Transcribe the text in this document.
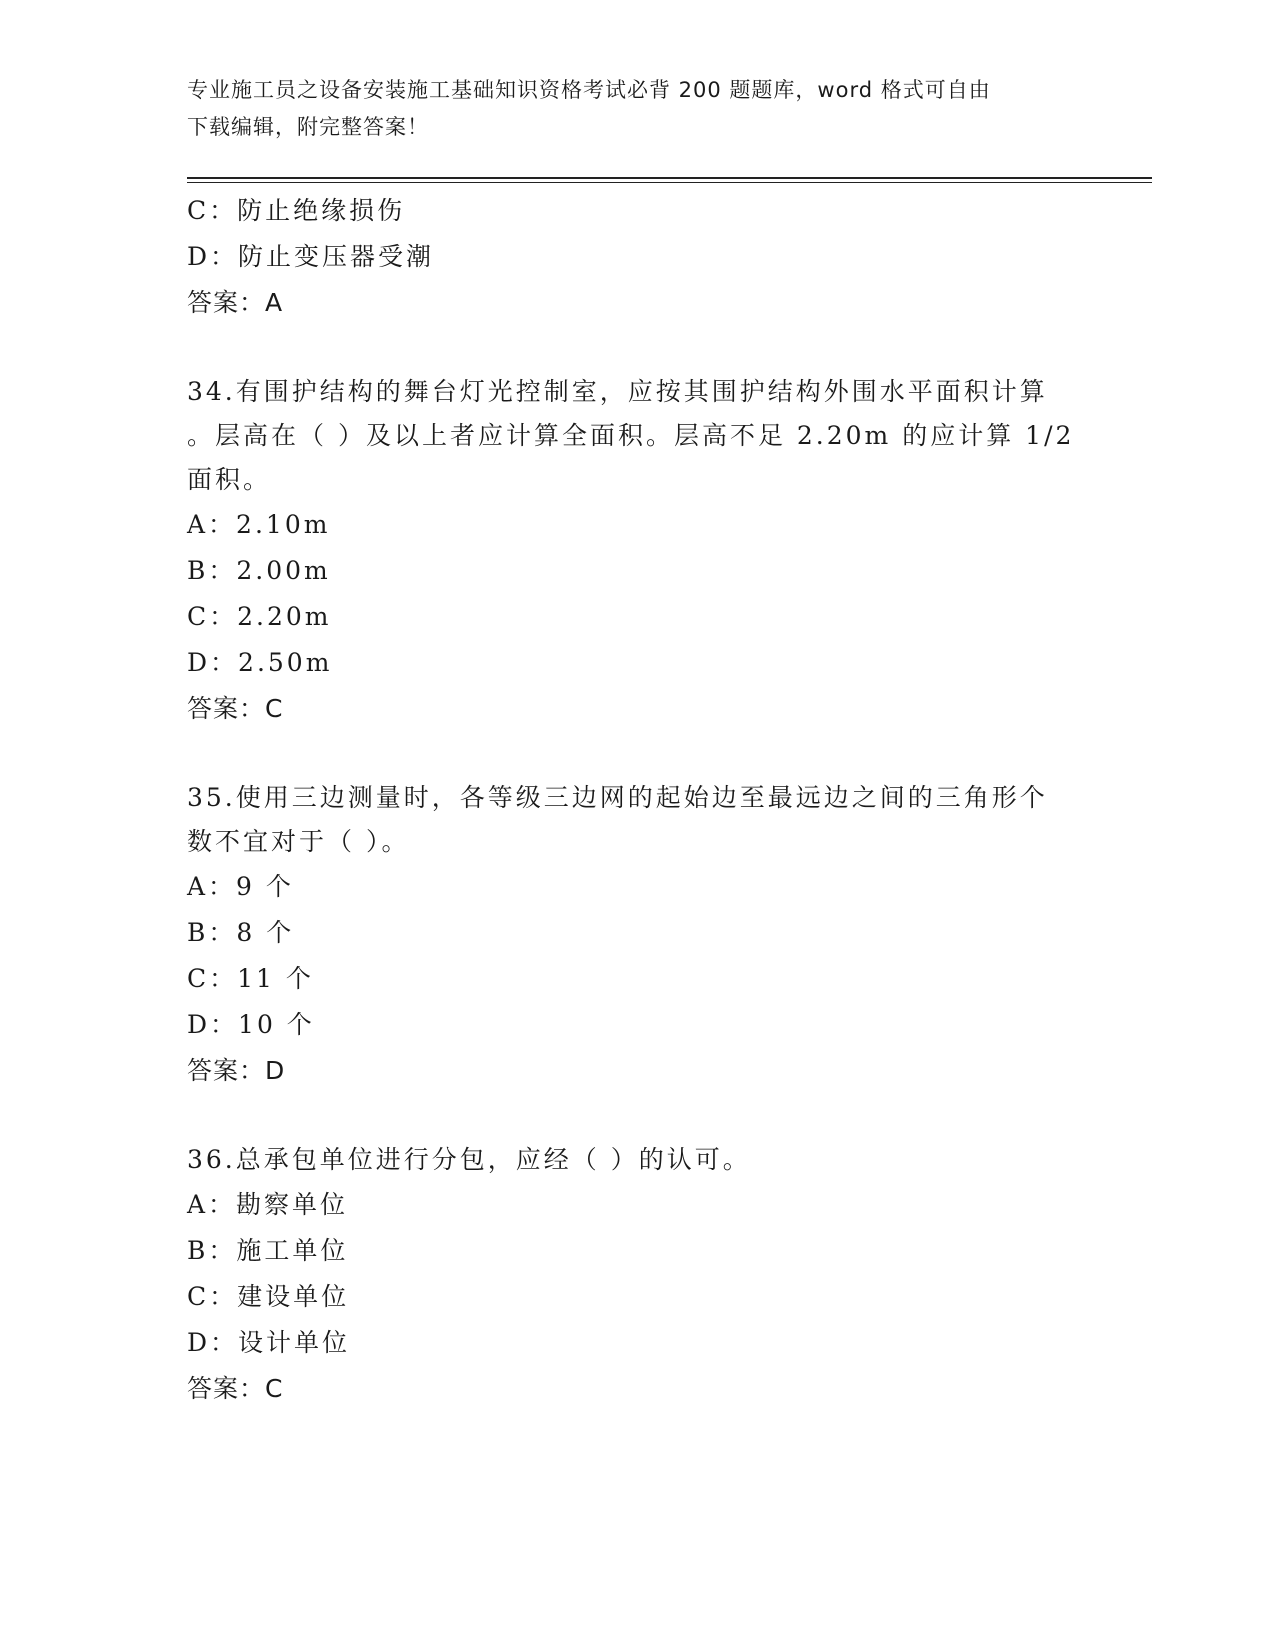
专业施工员之设备安装施工基础知识资格考试必背 200 题题库，word 格式可自由
下载编辑，附完整答案！
C：防止绝缘损伤
D：防止变压器受潮
答案：A
34.有围护结构的舞台灯光控制室，应按其围护结构外围水平面积计算
。层高在（ ）及以上者应计算全面积。层高不足 2.20m 的应计算 1/2
面积。
A：2.10m
B：2.00m
C：2.20m
D：2.50m
答案：C
35.使用三边测量时，各等级三边网的起始边至最远边之间的三角形个
数不宜对于（ ）。
A：9 个
B：8 个
C：11 个
D：10 个
答案：D
36.总承包单位进行分包，应经（ ）的认可。
A：勘察单位
B：施工单位
C：建设单位
D：设计单位
答案：C
